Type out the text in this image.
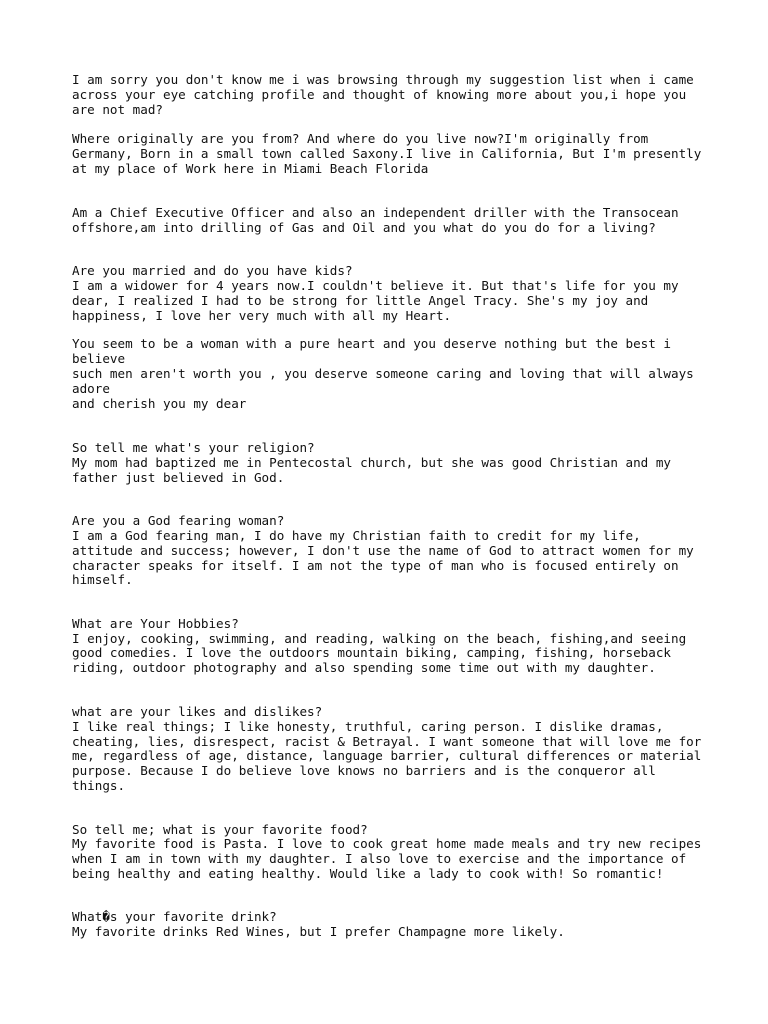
I am sorry you don't know me i was browsing through my suggestion list when i came

across your eye catching profile and thought of knowing more about you,i hope you

are not mad?

Where originally are you from? And where do you live now?I'm originally from

Germany, Born in a small town called Saxony.I live in California, But I'm presently

at my place of Work here in Miami Beach Florida

Am a Chief Executive Officer and also an independent driller with the Transocean

offshore,am into drilling of Gas and Oil and you what do you do for a living?

Are you married and do you have kids?

I am a widower for 4 years now.I couldn't believe it. But that's life for you my

dear, I realized I had to be strong for little Angel Tracy. She's my joy and

happiness, I love her very much with all my Heart.

You seem to be a woman with a pure heart and you deserve nothing but the best i

believe

such men aren't worth you , you deserve someone caring and loving that will always

adore

and cherish you my dear

So tell me what's your religion?

My mom had baptized me in Pentecostal church, but she was good Christian and my

father just believed in God.

Are you a God fearing woman?

I am a God fearing man, I do have my Christian faith to credit for my life,

attitude and success; however, I don't use the name of God to attract women for my

character speaks for itself. I am not the type of man who is focused entirely on

himself.

What are Your Hobbies?

I enjoy, cooking, swimming, and reading, walking on the beach, fishing,and seeing

good comedies. I love the outdoors mountain biking, camping, fishing, horseback

riding, outdoor photography and also spending some time out with my daughter.

what are your likes and dislikes?

I like real things; I like honesty, truthful, caring person. I dislike dramas,

cheating, lies, disrespect, racist & Betrayal. I want someone that will love me for

me, regardless of age, distance, language barrier, cultural differences or material

purpose. Because I do believe love knows no barriers and is the conqueror all

things.

So tell me; what is your favorite food?

My favorite food is Pasta. I love to cook great home made meals and try new recipes

when I am in town with my daughter. I also love to exercise and the importance of

being healthy and eating healthy. Would like a lady to cook with! So romantic!

What�s your favorite drink?

My favorite drinks Red Wines, but I prefer Champagne more likely.
